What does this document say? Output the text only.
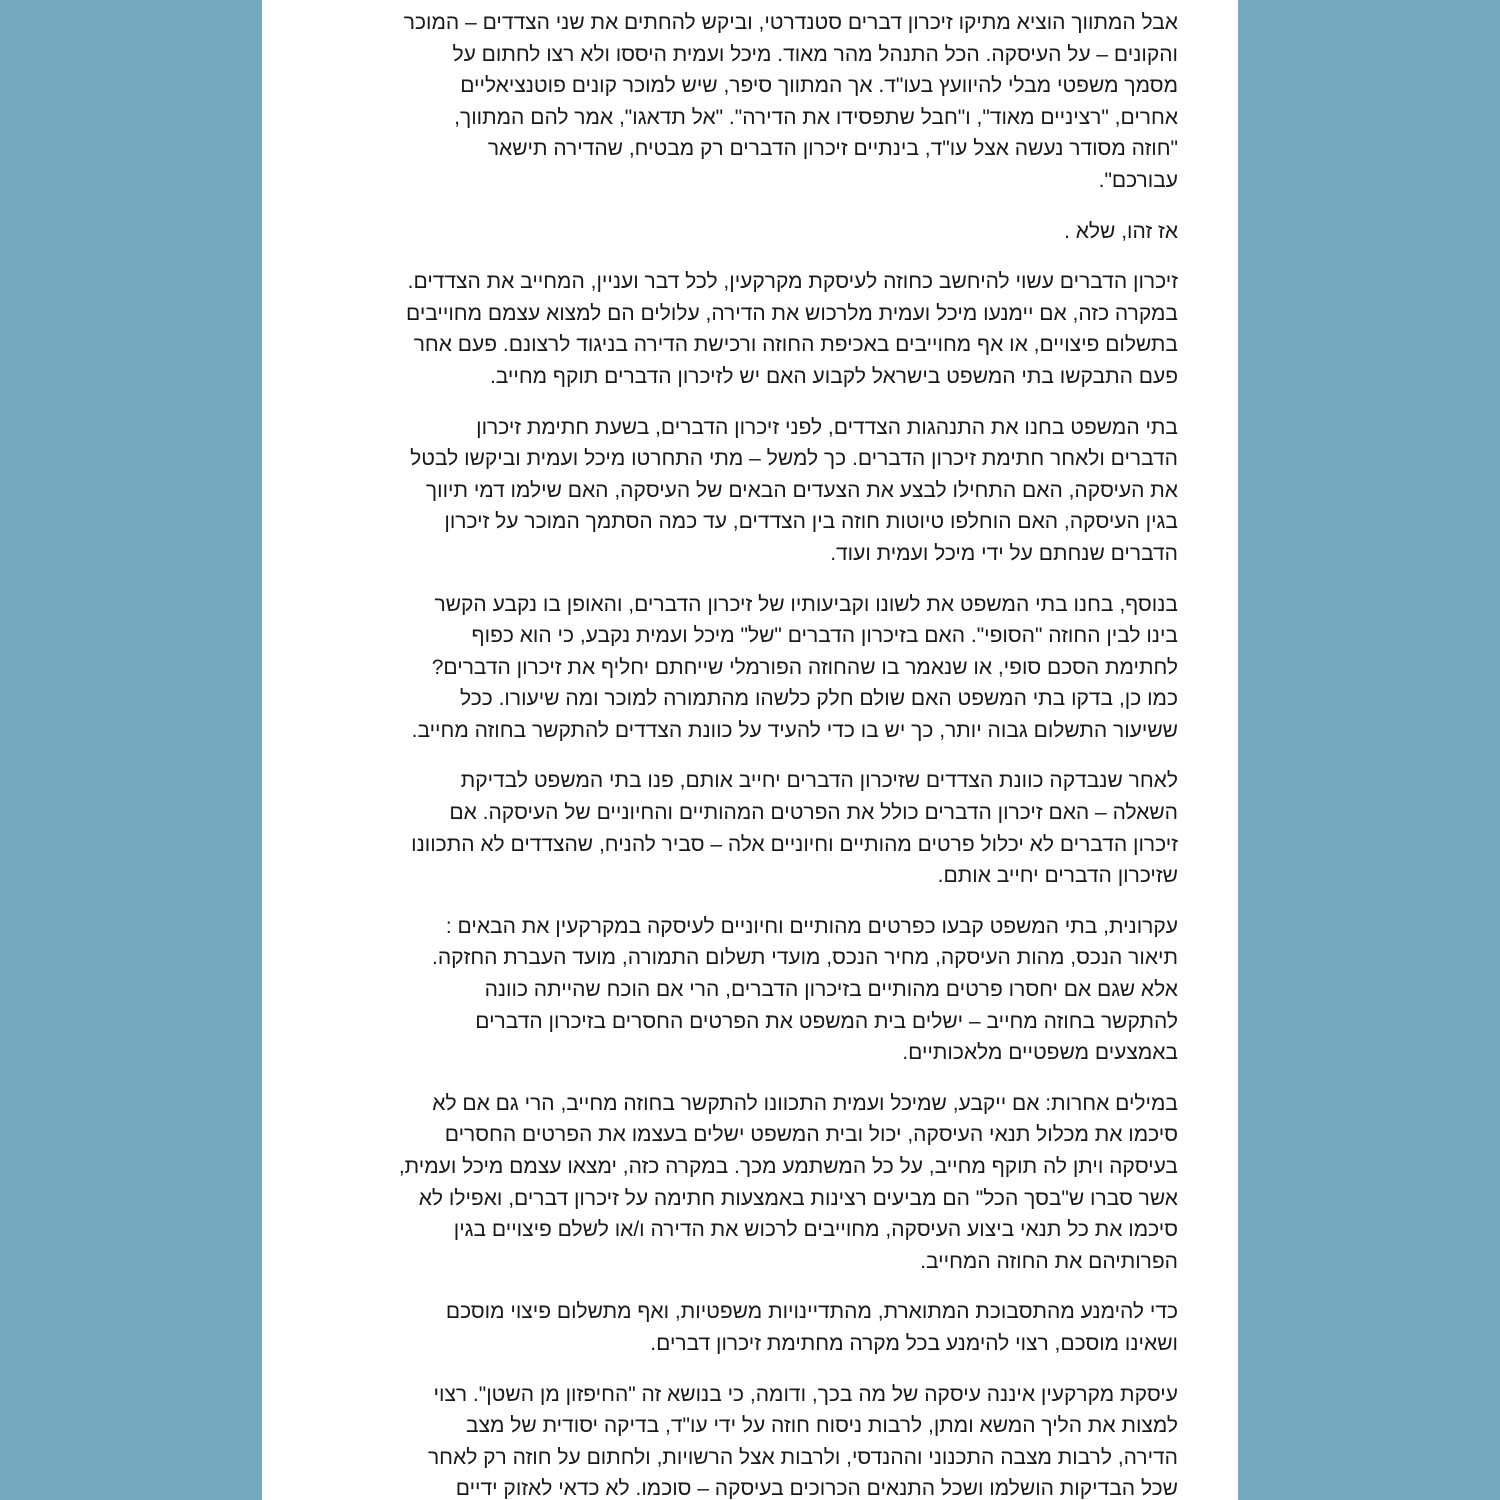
אבל המתווך הוציא מתיקו זיכרון דברים סטנדרטי, וביקש להחתים את שני הצדדים – המוכר
והקונים – על העיסקה. הכל התנהל מהר מאוד. מיכל ועמית היססו ולא רצו לחתום על
מסמך משפטי מבלי להיוועץ בעו"ד. אך המתווך סיפר, שיש למוכר קונים פוטנציאליים
אחרים, "רציניים מאוד", ו"חבל שתפסידו את הדירה". "אל תדאגו", אמר להם המתווך,
"חוזה מסודר נעשה אצל עו"ד, בינתיים זיכרון הדברים רק מבטיח, שהדירה תישאר
עבורכם".
אז זהו, שלא .
זיכרון הדברים עשוי להיחשב כחוזה לעיסקת מקרקעין, לכל דבר ועניין, המחייב את הצדדים.
במקרה כזה, אם יימנעו מיכל ועמית מלרכוש את הדירה, עלולים הם למצוא עצמם מחוייבים
בתשלום פיצויים, או אף מחוייבים באכיפת החוזה ורכישת הדירה בניגוד לרצונם. פעם אחר
פעם התבקשו בתי המשפט בישראל לקבוע האם יש לזיכרון הדברים תוקף מחייב.
בתי המשפט בחנו את התנהגות הצדדים, לפני זיכרון הדברים, בשעת חתימת זיכרון
הדברים ולאחר חתימת זיכרון הדברים. כך למשל – מתי התחרטו מיכל ועמית וביקשו לבטל
את העיסקה, האם התחילו לבצע את הצעדים הבאים של העיסקה, האם שילמו דמי תיווך
בגין העיסקה, האם הוחלפו טיוטות חוזה בין הצדדים, עד כמה הסתמך המוכר על זיכרון
הדברים שנחתם על ידי מיכל ועמית ועוד.
בנוסף, בחנו בתי המשפט את לשונו וקביעותיו של זיכרון הדברים, והאופן בו נקבע הקשר
בינו לבין החוזה "הסופי". האם בזיכרון הדברים "של" מיכל ועמית נקבע, כי הוא כפוף
לחתימת הסכם סופי, או שנאמר בו שהחוזה הפורמלי שייחתם יחליף את זיכרון הדברים?
כמו כן, בדקו בתי המשפט האם שולם חלק כלשהו מהתמורה למוכר ומה שיעורו. ככל
ששיעור התשלום גבוה יותר, כך יש בו כדי להעיד על כוונת הצדדים להתקשר בחוזה מחייב.
לאחר שנבדקה כוונת הצדדים שזיכרון הדברים יחייב אותם, פנו בתי המשפט לבדיקת
השאלה – האם זיכרון הדברים כולל את הפרטים המהותיים והחיוניים של העיסקה. אם
זיכרון הדברים לא יכלול פרטים מהותיים וחיוניים אלה – סביר להניח, שהצדדים לא התכוונו
שזיכרון הדברים יחייב אותם.
עקרונית, בתי המשפט קבעו כפרטים מהותיים וחיוניים לעיסקה במקרקעין את הבאים :
תיאור הנכס, מהות העיסקה, מחיר הנכס, מועדי תשלום התמורה, מועד העברת החזקה.
אלא שגם אם יחסרו פרטים מהותיים בזיכרון הדברים, הרי אם הוכח שהייתה כוונה
להתקשר בחוזה מחייב – ישלים בית המשפט את הפרטים החסרים בזיכרון הדברים
באמצעים משפטיים מלאכותיים.
במילים אחרות: אם ייקבע, שמיכל ועמית התכוונו להתקשר בחוזה מחייב, הרי גם אם לא
סיכמו את מכלול תנאי העיסקה, יכול ובית המשפט ישלים בעצמו את הפרטים החסרים
בעיסקה ויתן לה תוקף מחייב, על כל המשתמע מכך. במקרה כזה, ימצאו עצמם מיכל ועמית,
אשר סברו ש"בסך הכל" הם מביעים רצינות באמצעות חתימה על זיכרון דברים, ואפילו לא
סיכמו את כל תנאי ביצוע העיסקה, מחוייבים לרכוש את הדירה ו/או לשלם פיצויים בגין
הפרותיהם את החוזה המחייב.
כדי להימנע מהתסבוכת המתוארת, מהתדיינויות משפטיות, ואף מתשלום פיצוי מוסכם
ושאינו מוסכם, רצוי להימנע בכל מקרה מחתימת זיכרון דברים.
עיסקת מקרקעין איננה עיסקה של מה בכך, ודומה, כי בנושא זה "החיפזון מן השטן". רצוי
למצות את הליך המשא ומתן, לרבות ניסוח חוזה על ידי עו"ד, בדיקה יסודית של מצב
הדירה, לרבות מצבה התכנוני וההנדסי, ולרבות אצל הרשויות, ולחתום על חוזה רק לאחר
שכל הבדיקות הושלמו ושכל התנאים הכרוכים בעיסקה – סוכמו. לא כדאי לאזוק ידיים
